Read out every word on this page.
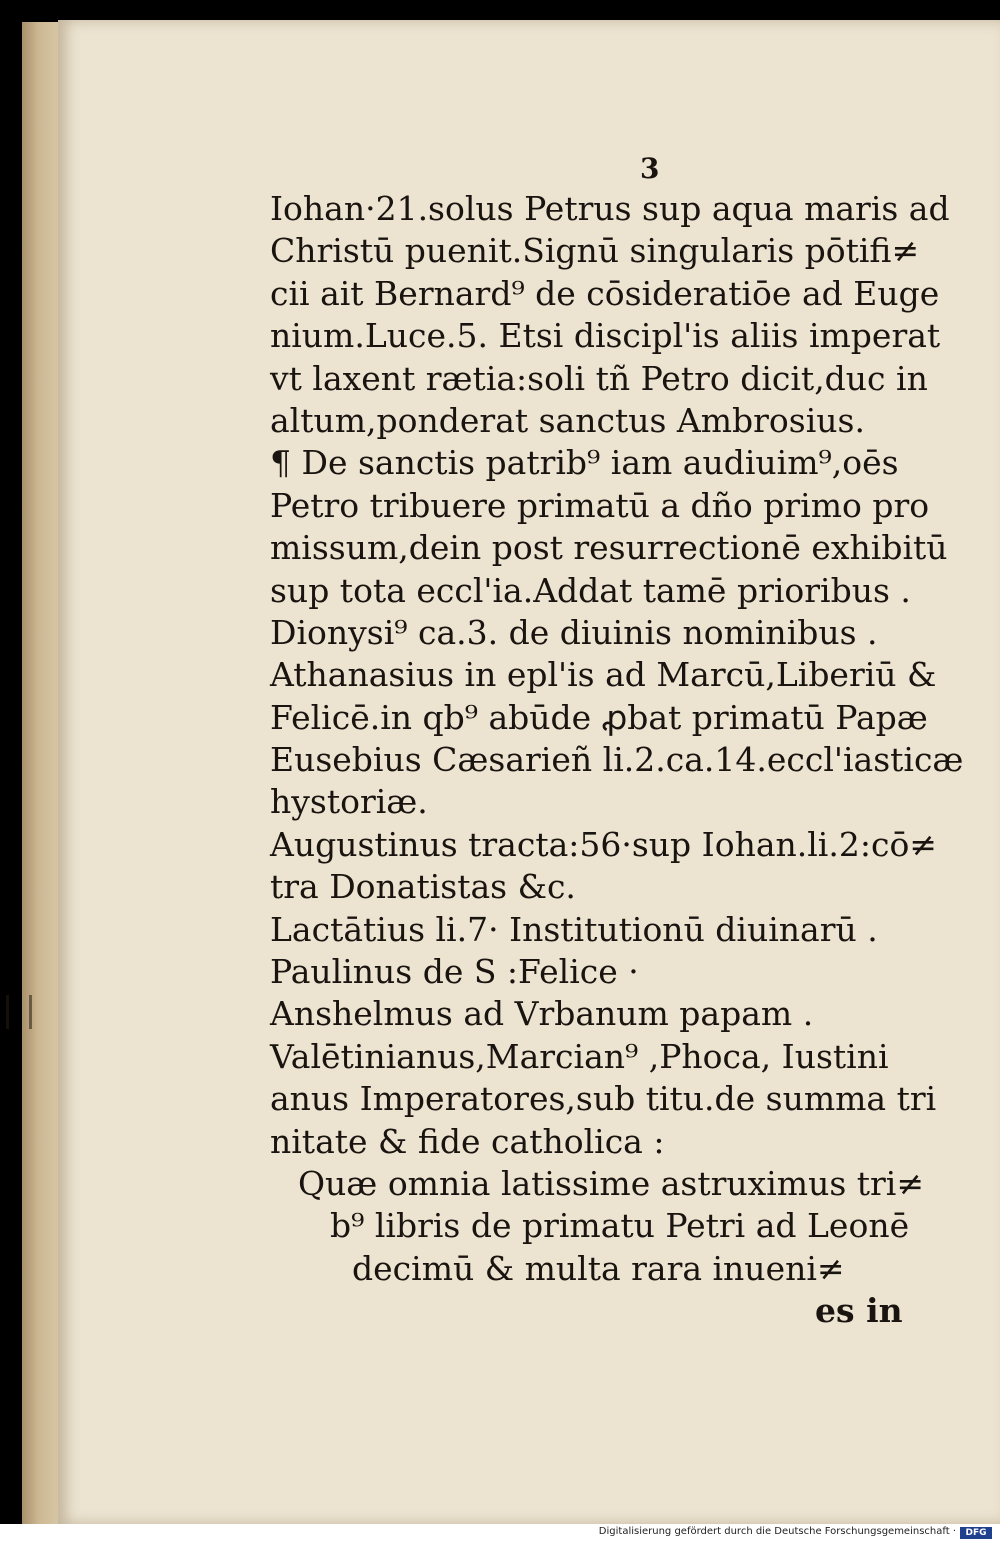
3
Iohan·21.solus Petrus sup aqua maris ad
Christū puenit.Signū singularis pōtifi≠
cii ait Bernard⁹ de cōsideratiōe ad Euge
nium.Luce.5. Etsi discipl'is aliis imperat
vt laxent rætia:soli tñ Petro dicit,duc in
altum,ponderat sanctus Ambrosius.
¶ De sanctis patrib⁹ iam audiuim⁹,oēs
Petro tribuere primatū a dño primo pro
missum,dein post resurrectionē exhibitū
sup tota eccl'ia.Addat tamē prioribus .
Dionysi⁹ ca.3. de diuinis nominibus .
Athanasius in epl'is ad Marcū,Liberiū &
Felicē.in qb⁹ abūde ꝓbat primatū Papæ
Eusebius Cæsarieñ li.2.ca.14.eccl'iasticæ
hystoriæ.
Augustinus tracta:56·sup Iohan.li.2:cō≠
tra Donatistas &c.
Lactātius li.7· Institutionū diuinarū .
Paulinus de S :Felice ·
Anshelmus ad Vrbanum papam .
Valētinianus,Marcian⁹ ,Phoca, Iustini
anus Imperatores,sub titu.de summa tri
nitate & fide catholica :
Quæ omnia latissime astruximus tri≠
b⁹ libris de primatu Petri ad Leonē
decimū & multa rara inueni≠
es in
Digitalisierung gefördert durch die Deutsche Forschungsgemeinschaft ·	DFG
